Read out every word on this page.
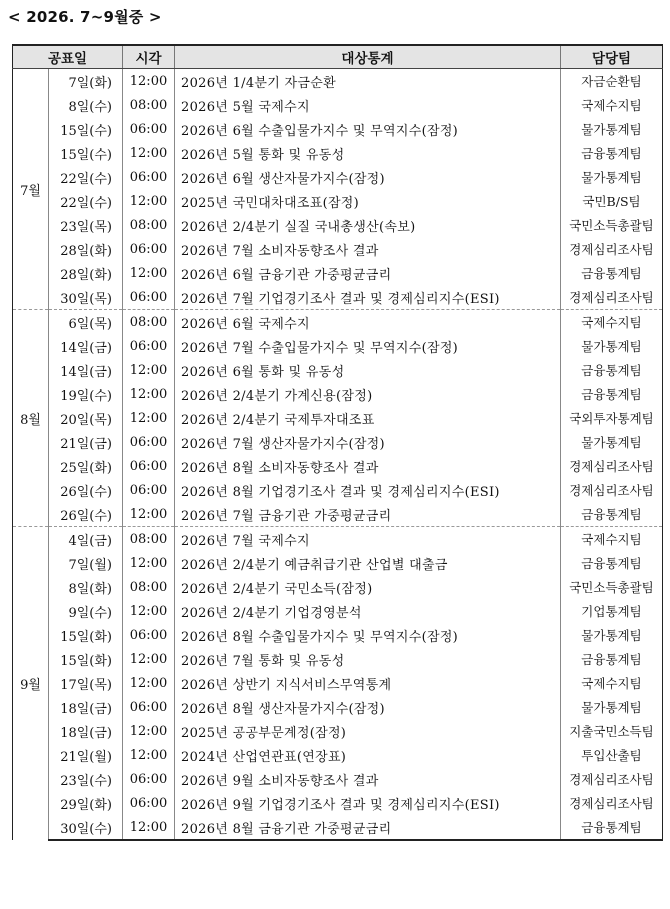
< 2026. 7~9월중 >
공표일		시각	대상통계	담당팀
7월	7일(화)	12:00	2026년 1/4분기 자금순환	자금순환팀
	8일(수)	08:00	2026년 5월 국제수지	국제수지팀
	15일(수)	06:00	2026년 6월 수출입물가지수 및 무역지수(잠정)	물가통계팀
	15일(수)	12:00	2026년 5월 통화 및 유동성	금융통계팀
	22일(수)	06:00	2026년 6월 생산자물가지수(잠정)	물가통계팀
	22일(수)	12:00	2025년 국민대차대조표(잠정)	국민B/S팀
	23일(목)	08:00	2026년 2/4분기 실질 국내총생산(속보)	국민소득총괄팀
	28일(화)	06:00	2026년 7월 소비자동향조사 결과	경제심리조사팀
	28일(화)	12:00	2026년 6월 금융기관 가중평균금리	금융통계팀
	30일(목)	06:00	2026년 7월 기업경기조사 결과 및 경제심리지수(ESI)	경제심리조사팀
8월	6일(목)	08:00	2026년 6월 국제수지	국제수지팀
	14일(금)	06:00	2026년 7월 수출입물가지수 및 무역지수(잠정)	물가통계팀
	14일(금)	12:00	2026년 6월 통화 및 유동성	금융통계팀
	19일(수)	12:00	2026년 2/4분기 가계신용(잠정)	금융통계팀
	20일(목)	12:00	2026년 2/4분기 국제투자대조표	국외투자통계팀
	21일(금)	06:00	2026년 7월 생산자물가지수(잠정)	물가통계팀
	25일(화)	06:00	2026년 8월 소비자동향조사 결과	경제심리조사팀
	26일(수)	06:00	2026년 8월 기업경기조사 결과 및 경제심리지수(ESI)	경제심리조사팀
	26일(수)	12:00	2026년 7월 금융기관 가중평균금리	금융통계팀
9월	4일(금)	08:00	2026년 7월 국제수지	국제수지팀
	7일(월)	12:00	2026년 2/4분기 예금취급기관 산업별 대출금	금융통계팀
	8일(화)	08:00	2026년 2/4분기 국민소득(잠정)	국민소득총괄팀
	9일(수)	12:00	2026년 2/4분기 기업경영분석	기업통계팀
	15일(화)	06:00	2026년 8월 수출입물가지수 및 무역지수(잠정)	물가통계팀
	15일(화)	12:00	2026년 7월 통화 및 유동성	금융통계팀
	17일(목)	12:00	2026년 상반기 지식서비스무역통계	국제수지팀
	18일(금)	06:00	2026년 8월 생산자물가지수(잠정)	물가통계팀
	18일(금)	12:00	2025년 공공부문계정(잠정)	지출국민소득팀
	21일(월)	12:00	2024년 산업연관표(연장표)	투입산출팀
	23일(수)	06:00	2026년 9월 소비자동향조사 결과	경제심리조사팀
	29일(화)	06:00	2026년 9월 기업경기조사 결과 및 경제심리지수(ESI)	경제심리조사팀
	30일(수)	12:00	2026년 8월 금융기관 가중평균금리	금융통계팀
